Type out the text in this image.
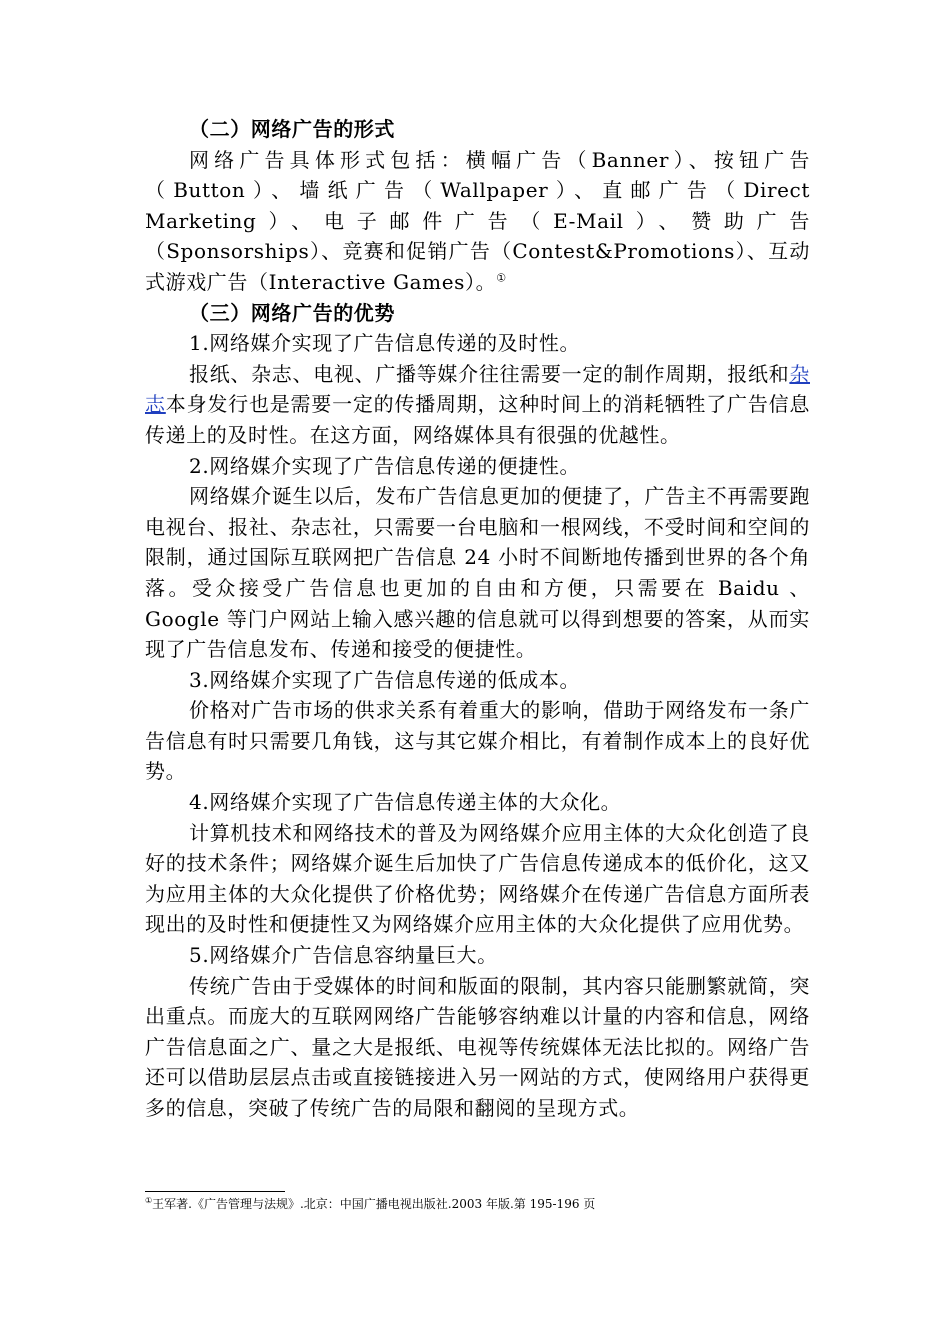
（二）网络广告的形式

网络广告具体形式包括：横幅广告（Banner）、按钮广告（Button）、墙纸广告（Wallpaper）、直邮广告（Direct Marketing）、电子邮件广告（E-Mail）、赞助广告（Sponsorships）、竞赛和促销广告（Contest&Promotions）、互动式游戏广告（Interactive Games）。①

（三）网络广告的优势

1.网络媒介实现了广告信息传递的及时性。

报纸、杂志、电视、广播等媒介往往需要一定的制作周期，报纸和杂志本身发行也是需要一定的传播周期，这种时间上的消耗牺牲了广告信息传递上的及时性。在这方面，网络媒体具有很强的优越性。

2.网络媒介实现了广告信息传递的便捷性。

网络媒介诞生以后，发布广告信息更加的便捷了，广告主不再需要跑电视台、报社、杂志社，只需要一台电脑和一根网线，不受时间和空间的限制，通过国际互联网把广告信息 24 小时不间断地传播到世界的各个角落。受众接受广告信息也更加的自由和方便，只需要在 Baidu 、Google 等门户网站上输入感兴趣的信息就可以得到想要的答案，从而实现了广告信息发布、传递和接受的便捷性。

3.网络媒介实现了广告信息传递的低成本。

价格对广告市场的供求关系有着重大的影响，借助于网络发布一条广告信息有时只需要几角钱，这与其它媒介相比，有着制作成本上的良好优势。

4.网络媒介实现了广告信息传递主体的大众化。

计算机技术和网络技术的普及为网络媒介应用主体的大众化创造了良好的技术条件；网络媒介诞生后加快了广告信息传递成本的低价化，这又为应用主体的大众化提供了价格优势；网络媒介在传递广告信息方面所表现出的及时性和便捷性又为网络媒介应用主体的大众化提供了应用优势。

5.网络媒介广告信息容纳量巨大。

传统广告由于受媒体的时间和版面的限制，其内容只能删繁就简，突出重点。而庞大的互联网网络广告能够容纳难以计量的内容和信息，网络广告信息面之广、量之大是报纸、电视等传统媒体无法比拟的。网络广告还可以借助层层点击或直接链接进入另一网站的方式，使网络用户获得更多的信息，突破了传统广告的局限和翻阅的呈现方式。

①王军著.《广告管理与法规》.北京：中国广播电视出版社.2003 年版.第 195-196 页
